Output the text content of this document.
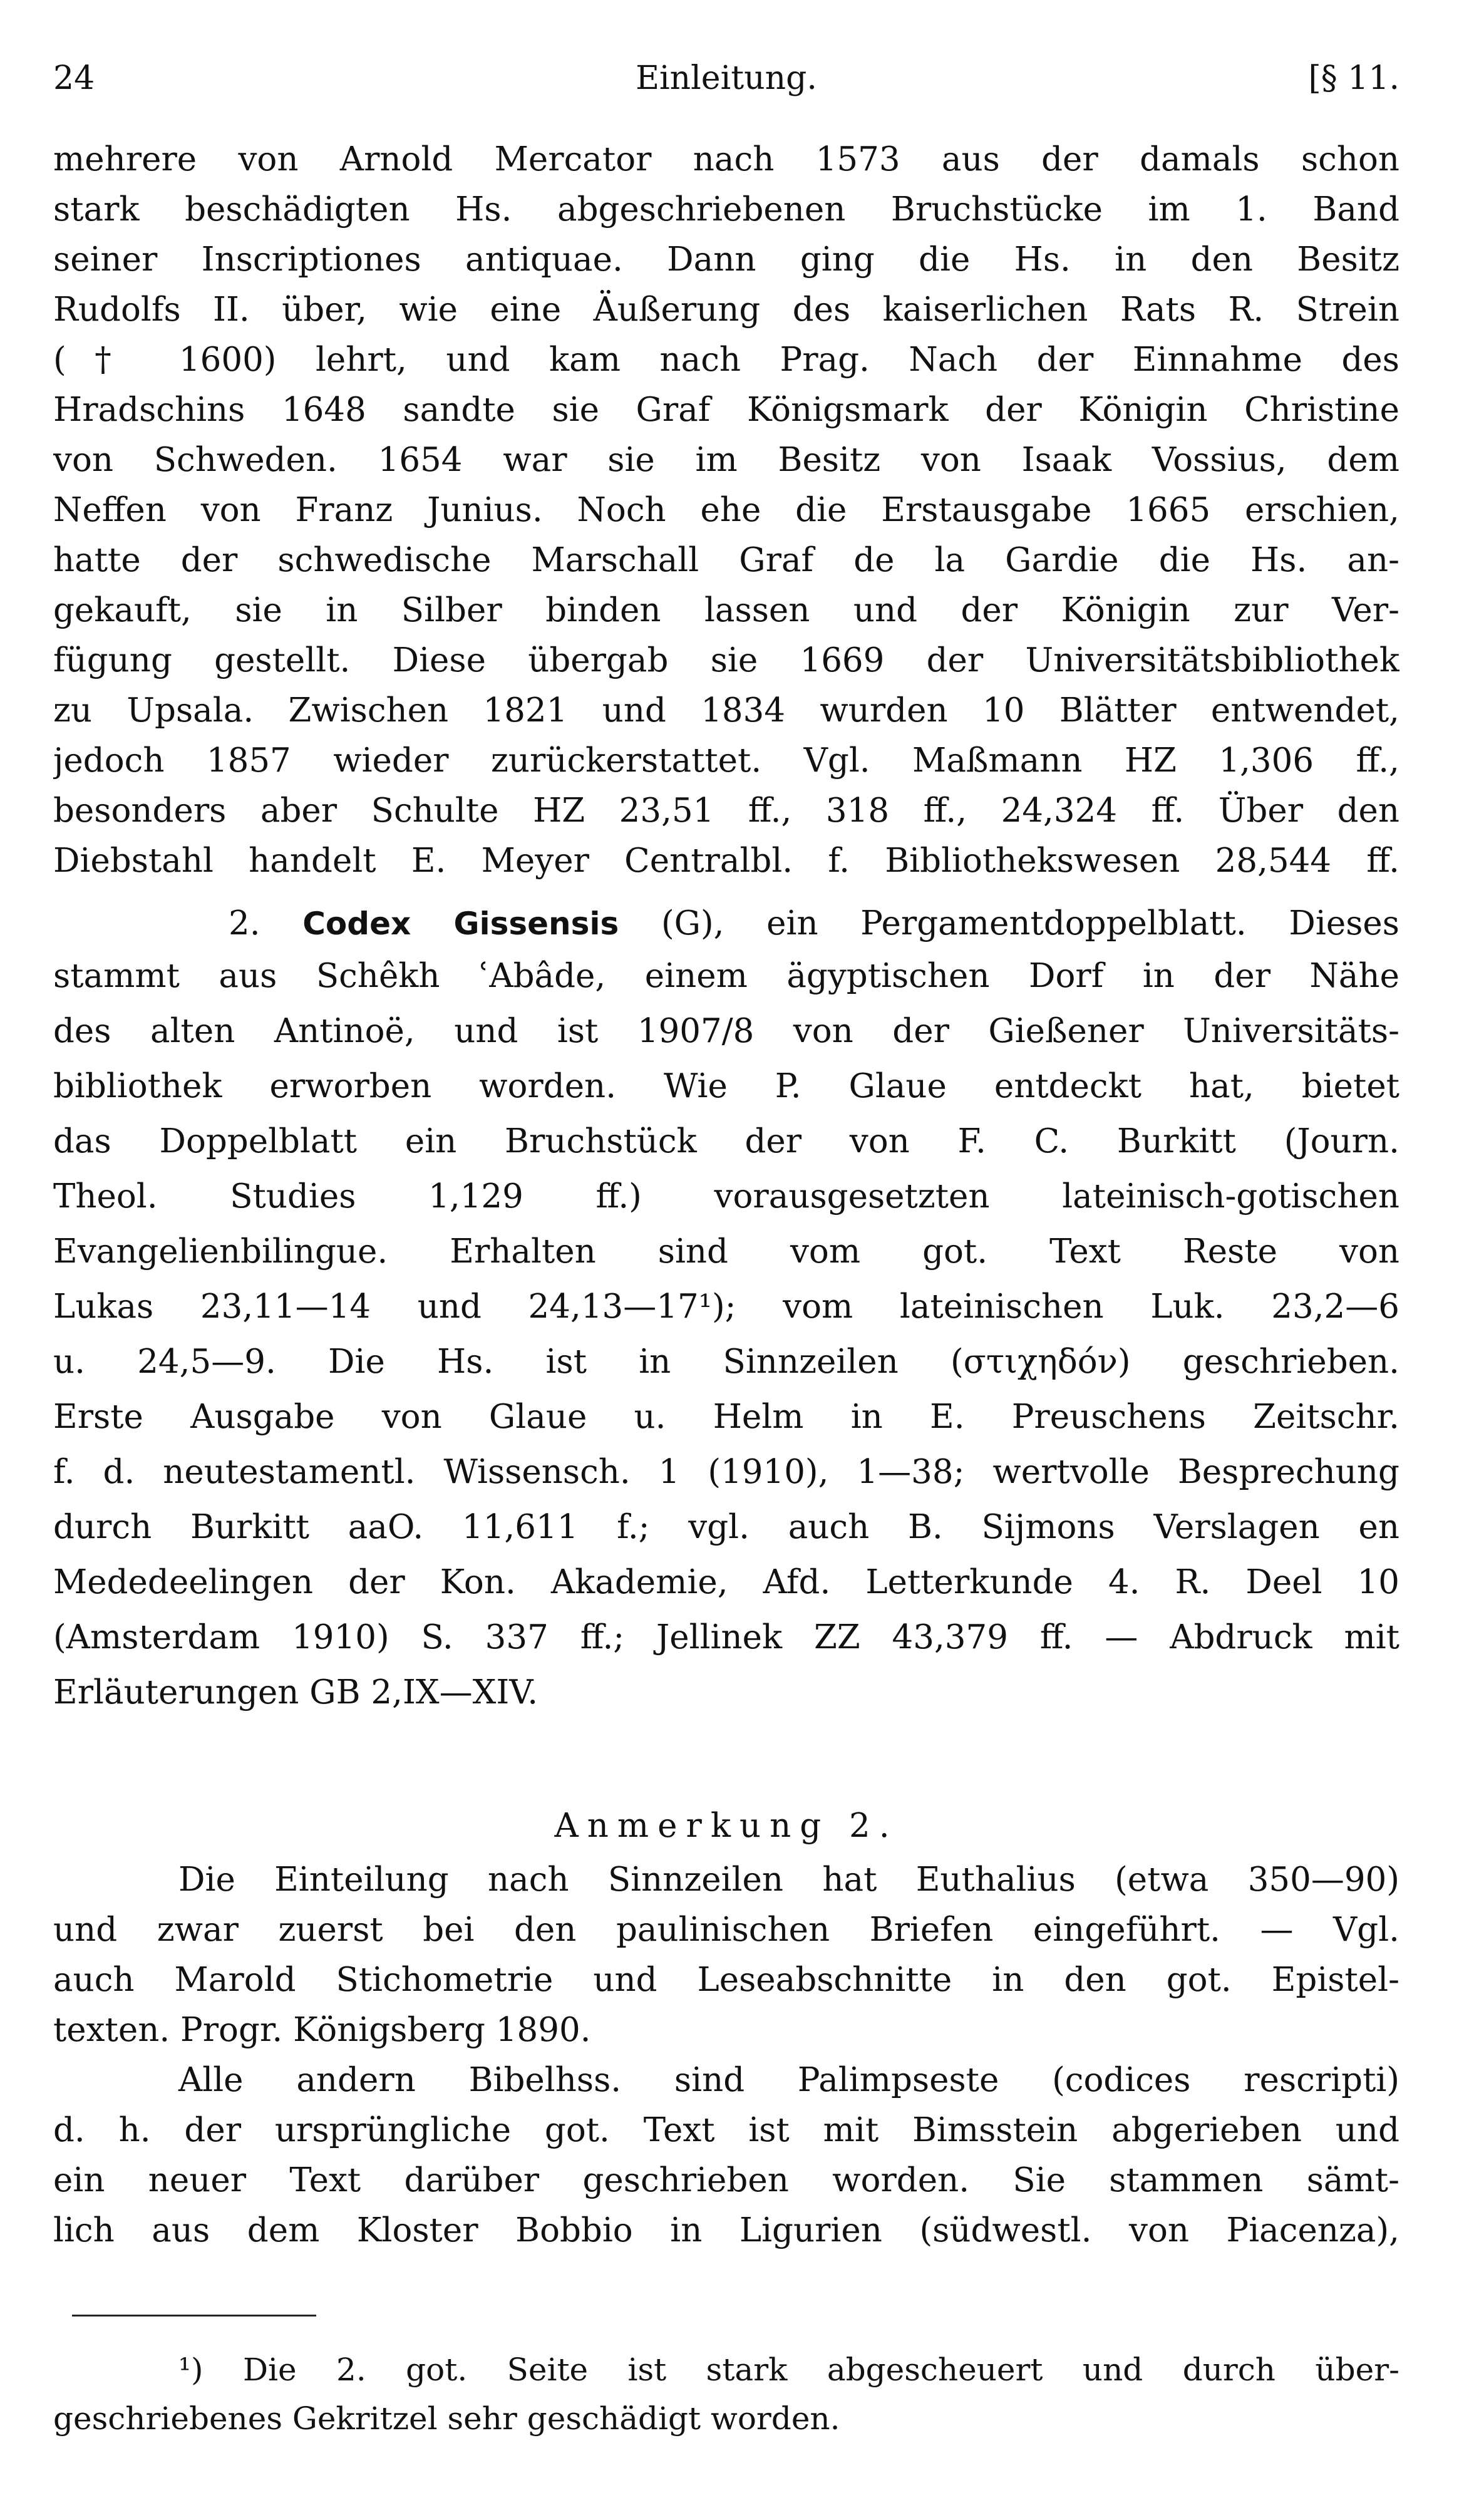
24	Einleitung.	[§ 11.
mehrere von Arnold Mercator nach 1573 aus der damals schon
stark beschädigten Hs. abgeschriebenen Bruchstücke im 1. Band
seiner Inscriptiones antiquae. Dann ging die Hs. in den Besitz
Rudolfs II. über, wie eine Äußerung des kaiserlichen Rats R. Strein
(† 1600) lehrt, und kam nach Prag. Nach der Einnahme des
Hradschins 1648 sandte sie Graf Königsmark der Königin Christine
von Schweden. 1654 war sie im Besitz von Isaak Vossius, dem
Neffen von Franz Junius. Noch ehe die Erstausgabe 1665 erschien,
hatte der schwedische Marschall Graf de la Gardie die Hs. an-
gekauft, sie in Silber binden lassen und der Königin zur Ver-
fügung gestellt. Diese übergab sie 1669 der Universitätsbibliothek
zu Upsala. Zwischen 1821 und 1834 wurden 10 Blätter entwendet,
jedoch 1857 wieder zurückerstattet. Vgl. Maßmann HZ 1,306 ff.,
besonders aber Schulte HZ 23,51 ff., 318 ff., 24,324 ff. Über den
Diebstahl handelt E. Meyer Centralbl. f. Bibliothekswesen 28,544 ff.
2. Codex Gissensis (G), ein Pergamentdoppelblatt. Dieses
stammt aus Schêkh ʿAbâde, einem ägyptischen Dorf in der Nähe
des alten Antinoë, und ist 1907/8 von der Gießener Universitäts-
bibliothek erworben worden. Wie P. Glaue entdeckt hat, bietet
das Doppelblatt ein Bruchstück der von F. C. Burkitt (Journ.
Theol. Studies 1,129 ff.) vorausgesetzten lateinisch-gotischen
Evangelienbilingue. Erhalten sind vom got. Text Reste von
Lukas 23,11—14 und 24,13—17¹); vom lateinischen Luk. 23,2—6
u. 24,5—9. Die Hs. ist in Sinnzeilen (στιχηδόν) geschrieben.
Erste Ausgabe von Glaue u. Helm in E. Preuschens Zeitschr.
f. d. neutestamentl. Wissensch. 1 (1910), 1—38; wertvolle Besprechung
durch Burkitt aaO. 11,611 f.; vgl. auch B. Sijmons Verslagen en
Mededeelingen der Kon. Akademie, Afd. Letterkunde 4. R. Deel 10
(Amsterdam 1910) S. 337 ff.; Jellinek ZZ 43,379 ff. — Abdruck mit
Erläuterungen GB 2,IX—XIV.
Anmerkung 2.
Die Einteilung nach Sinnzeilen hat Euthalius (etwa 350—90)
und zwar zuerst bei den paulinischen Briefen eingeführt. — Vgl.
auch Marold Stichometrie und Leseabschnitte in den got. Epistel-
texten. Progr. Königsberg 1890.
Alle andern Bibelhss. sind Palimpseste (codices rescripti)
d. h. der ursprüngliche got. Text ist mit Bimsstein abgerieben und
ein neuer Text darüber geschrieben worden. Sie stammen sämt-
lich aus dem Kloster Bobbio in Ligurien (südwestl. von Piacenza),
¹) Die 2. got. Seite ist stark abgescheuert und durch über-
geschriebenes Gekritzel sehr geschädigt worden.
